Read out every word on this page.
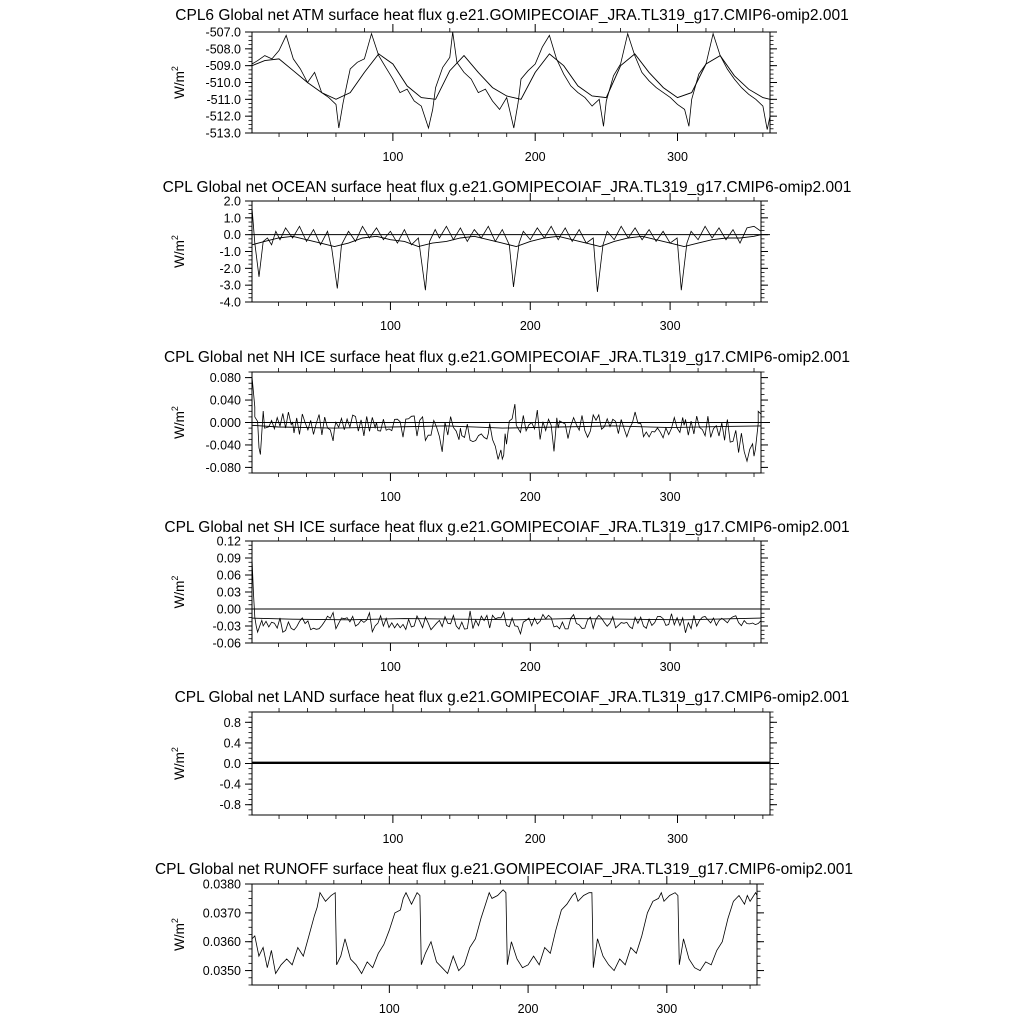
CPL6 Global net ATM surface heat flux g.e21.GOMIPECOIAF_JRA.TL319_g17.CMIP6-omip2.001
$W/m^2$
-513.0
-512.0
-511.0
-510.0
-509.0
-508.0
-507.0
100	200	300
CPL Global net OCEAN surface heat flux g.e21.GOMIPECOIAF_JRA.TL319_g17.CMIP6-omip2.001
$W/m^2$
-4.0
-3.0
-2.0
-1.0
0.0
1.0
2.0
100	200	300
CPL Global net NH ICE surface heat flux g.e21.GOMIPECOIAF_JRA.TL319_g17.CMIP6-omip2.001
$W/m^2$
-0.080
-0.040
0.000
0.040
0.080
100	200	300
CPL Global net SH ICE surface heat flux g.e21.GOMIPECOIAF_JRA.TL319_g17.CMIP6-omip2.001
$W/m^2$
-0.06
-0.03
0.00
0.03
0.06
0.09
0.12
100	200	300
CPL Global net LAND surface heat flux g.e21.GOMIPECOIAF_JRA.TL319_g17.CMIP6-omip2.001
$W/m^2$
-0.8
-0.4
0.0
0.4
0.8
100	200	300
CPL Global net RUNOFF surface heat flux g.e21.GOMIPECOIAF_JRA.TL319_g17.CMIP6-omip2.001
$W/m^2$
0.0350
0.0360
0.0370
0.0380
100	200	300
